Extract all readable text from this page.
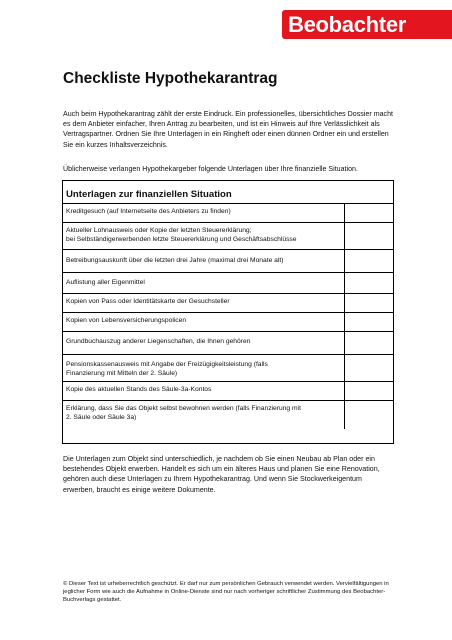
Beobachter
Checkliste Hypothekarantrag

Auch beim Hypothekarantrag zählt der erste Eindruck. Ein professionelles, übersichtliches Dossier macht es dem Anbieter einfacher, Ihren Antrag zu bearbeiten, und ist ein Hinweis auf Ihre Verlässlichkeit als Vertragspartner. Ordnen Sie Ihre Unterlagen in ein Ringheft oder einen dünnen Ordner ein und erstellen Sie ein kurzes Inhaltsverzeichnis.

Üblicherweise verlangen Hypothekargeber folgende Unterlagen über Ihre finanzielle Situation.

Unterlagen zur finanziellen Situation
Kreditgesuch (auf Internetseite des Anbieters zu finden)
Aktueller Lohnausweis oder Kopie der letzten Steuererklärung;
bei Selbständigerwerbenden letzte Steuererklärung und Geschäftsabschlüsse
Betreibungsauskunft über die letzten drei Jahre (maximal drei Monate alt)
Auflistung aller Eigenmittel
Kopien von Pass oder Identitätskarte der Gesuchsteller
Kopien von Lebensversicherungspolicen
Grundbuchauszug anderer Liegenschaften, die Ihnen gehören
Pensionskassenausweis mit Angabe der Freizügigkeitsleistung (falls
Finanzierung mit Mitteln der 2. Säule)
Kopie des aktuellen Stands des Säule-3a-Kontos
Erklärung, dass Sie das Objekt selbst bewohnen werden (falls Finanzierung mit
2. Säule oder Säule 3a)

Die Unterlagen zum Objekt sind unterschiedlich, je nachdem ob Sie einen Neubau ab Plan oder ein bestehendes Objekt erwerben. Handelt es sich um ein älteres Haus und planen Sie eine Renovation, gehören auch diese Unterlagen zu Ihrem Hypothekarantrag. Und wenn Sie Stockwerkeigentum erwerben, braucht es einige weitere Dokumente.

© Dieser Text ist urheberrechtlich geschützt. Er darf nur zum persönlichen Gebrauch verwendet werden. Vervielfältigungen in jeglicher Form wie auch die Aufnahme in Online-Dienste sind nur nach vorheriger schriftlicher Zustimmung des Beobachter-Buchverlags gestattet.
